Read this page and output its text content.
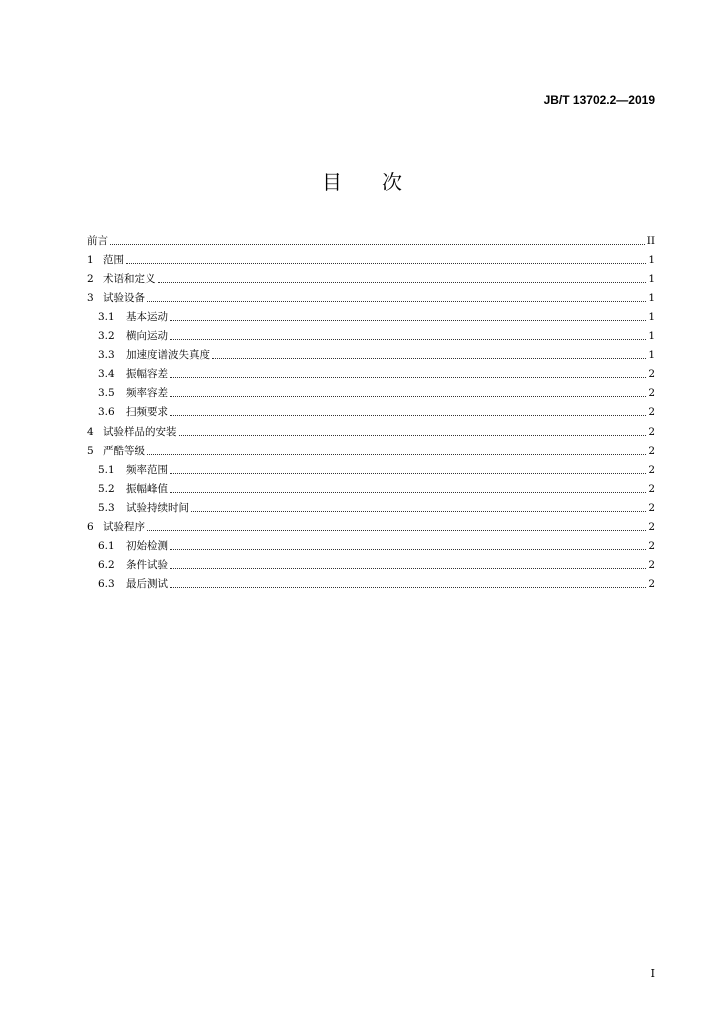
JB/T 13702.2—2019
目　　次
前言	II
1 范围	1
2 术语和定义	1
3 试验设备	1
3.1	基本运动	1
3.2	横向运动	1
3.3	加速度谱波失真度	1
3.4	振幅容差	2
3.5	频率容差	2
3.6	扫频要求	2
4 试验样品的安装	2
5 严酷等级	2
5.1	频率范围	2
5.2	振幅峰值	2
5.3	试验持续时间	2
6 试验程序	2
6.1	初始检测	2
6.2	条件试验	2
6.3	最后测试	2
I
